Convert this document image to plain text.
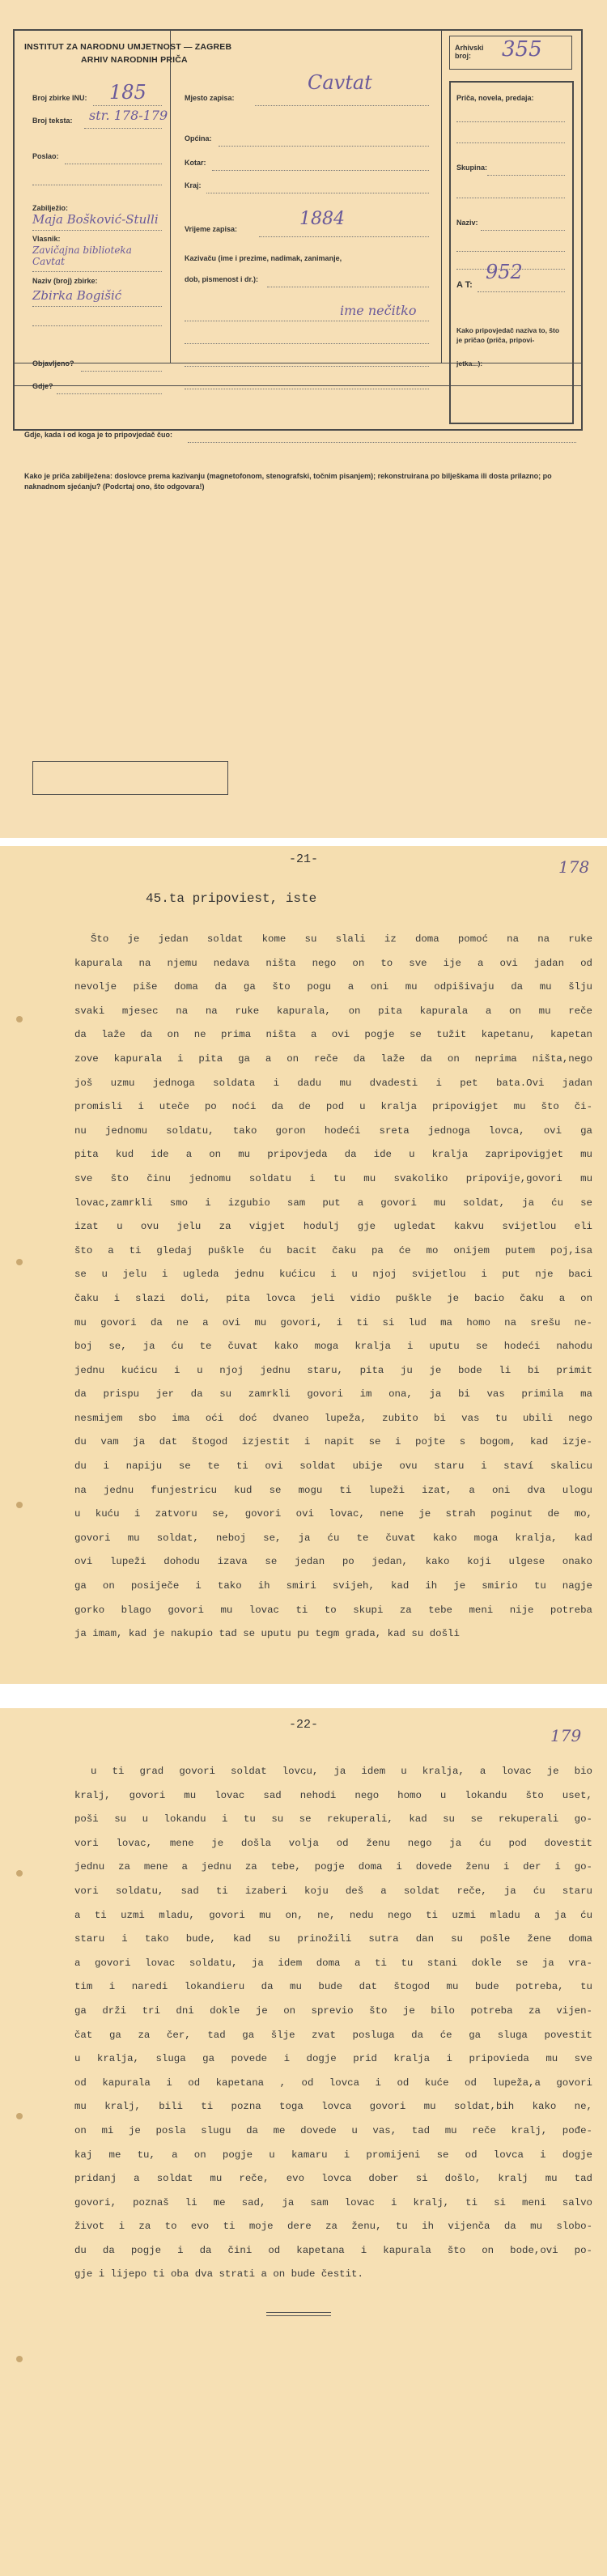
INSTITUT ZA NARODNU UMJETNOST — ZAGREB
ARHIV NARODNIH PRIČA
Broj zbirke INU: 185
Broj teksta: str. 178-179
Poslao:
Zabilježio:
Maja Bošković-Stulli
Vlasnik:
Zavičajna biblioteka Cavtat
Naziv (broj) zbirke:
Zbirka Bogišić
Objavljeno?
Gdje?
Mjesto zapisa:
Cavtat
Općina:
Kotar:
Kraj:
Vrijeme zapisa:	1884
Kazivaču (ime i prezime, nadimak, zanimanje,
dob, pismenost i dr.):
ime nečitko
Arhivski broj:	355
Priča, novela, predaja:
Skupina:
Naziv:
A T:
952
Kako pripovjedač naziva to, što je pričao (priča, pripovi-
jetka...):
Gdje, kada i od koga je to pripovjedač čuo:
Kako je priča zabilježena: doslovce prema kazivanju (magnetofonom, stenografski, točnim pisanjem); rekonstruirana po bilješkama ili dosta prilazno; po naknadnom sjećanju? (Podcrtaj ono, što odgovara!)
-21-	178
45.ta pripoviest, iste

Što je jedan soldat kome su slali iz doma pomoć na na ruke

kapurala na njemu nedava ništa nego on to sve ije a ovi jadan od

nevolje piše doma da ga što pogu a oni mu odpišivaju da mu šlju

svaki mjesec na na ruke kapurala, on pita kapurala a on mu reče

da laže da on ne prima ništa a ovi pogje se tužit kapetanu, kapetan

zove kapurala i pita ga a on reče da laže da on neprima ništa,nego

još uzmu jednoga soldata i dadu mu dvadesti i pet bata.Ovi jadan

promisli i uteče po noći da de pod u kralja pripovigjet mu što či-

nu jednomu soldatu, tako goron hodeći sreta jednoga lovca, ovi ga

pita kud ide a on mu pripovjeda da ide u kralja zapripovigjet mu

sve što činu jednomu soldatu i tu mu svakoliko pripovije,govori mu

lovac,zamrkli smo i izgubio sam put a govori mu soldat, ja ću se

izat u ovu jelu za vigjet hodulj gje ugledat kakvu svijetlou eli

što a ti gledaj puškle ću bacit čaku pa će mo onijem putem poj,isa

se u jelu i ugleda jednu kućicu i u njoj svijetlou i put nje baci

čaku i slazi doli, pita lovca jeli vidio puškle je bacio čaku a on

mu govori da ne a ovi mu govori, i ti si lud ma homo na srešu ne-

boj se, ja ću te čuvat kako moga kralja i uputu se hodeći nahodu

jednu kućicu i u njoj jednu staru, pita ju je bode li bi primit

da prispu jer da su zamrkli govori im ona, ja bi vas primila ma

nesmijem sbo ima oći doć dvaneo lupeža, zubito bi vas tu ubili nego

du vam ja dat štogod izjestit i napit se i pojte s bogom, kad izje-

du i napiju se te ti ovi soldat ubije ovu staru i staví skalicu

na jednu funjestricu kud se mogu ti lupeži izat, a oni dva ulogu

u kuću i zatvoru se, govori ovi lovac, nene je strah poginut de mo,

govori mu soldat, neboj se, ja ću te čuvat kako moga kralja, kad

ovi lupeži dohodu izava se jedan po jedan, kako koji ulgese onako

ga on posiječe i tako ih smiri svijeh, kad ih je smirio tu nagje

gorko blago govori mu lovac ti to skupi za tebe meni nije potreba

ja imam, kad je nakupio tad se uputu pu tegm grada, kad su došli

-22-
179

u ti grad govori soldat lovcu, ja idem u kralja, a lovac je bio

kralj, govori mu lovac sad nehodi nego homo u lokandu što uset,

poši su u lokandu i tu su se rekuperali, kad su se rekuperali go-

vori lovac, mene je došla volja od ženu nego ja ću pod dovestit

jednu za mene a jednu za tebe, pogje doma i dovede ženu i der i go-

vori soldatu, sad ti izaberi koju deš a soldat reče, ja ću staru

a ti uzmi mladu, govori mu on, ne, nedu nego ti uzmi mladu a ja ću

staru i tako bude, kad su prinožili sutra dan su pošle žene doma

a govori lovac soldatu, ja idem doma a ti tu stani dokle se ja vra-

tim i naredi lokandieru da mu bude dat štogod mu bude potreba, tu

ga drži tri dni dokle je on sprevio što je bilo potreba za vijen-

čat ga za čer, tad ga šlje zvat posluga da će ga sluga povestit

u kralja, sluga ga povede i dogje prid kralja i pripovieda mu sve

od kapurala i od kapetana , od lovca i od kuće od lupeža,a govori

mu kralj, bili ti pozna toga lovca govori mu soldat,bih kako ne,

on mi je posla slugu da me dovede u vas, tad mu reče kralj, pođe-

kaj me tu, a on pogje u kamaru i promijeni se od lovca i dogje

pridanj a soldat mu reče, evo lovca dober si došlo, kralj mu tad

govori, poznaš li me sad, ja sam lovac i kralj, ti si meni salvo

život i za to evo ti moje dere za ženu, tu ih vijenča da mu slobo-

du da pogje i da čini od kapetana i kapurala što on bode,ovi po-

gje i lijepo ti oba dva strati a on bude čestit.
